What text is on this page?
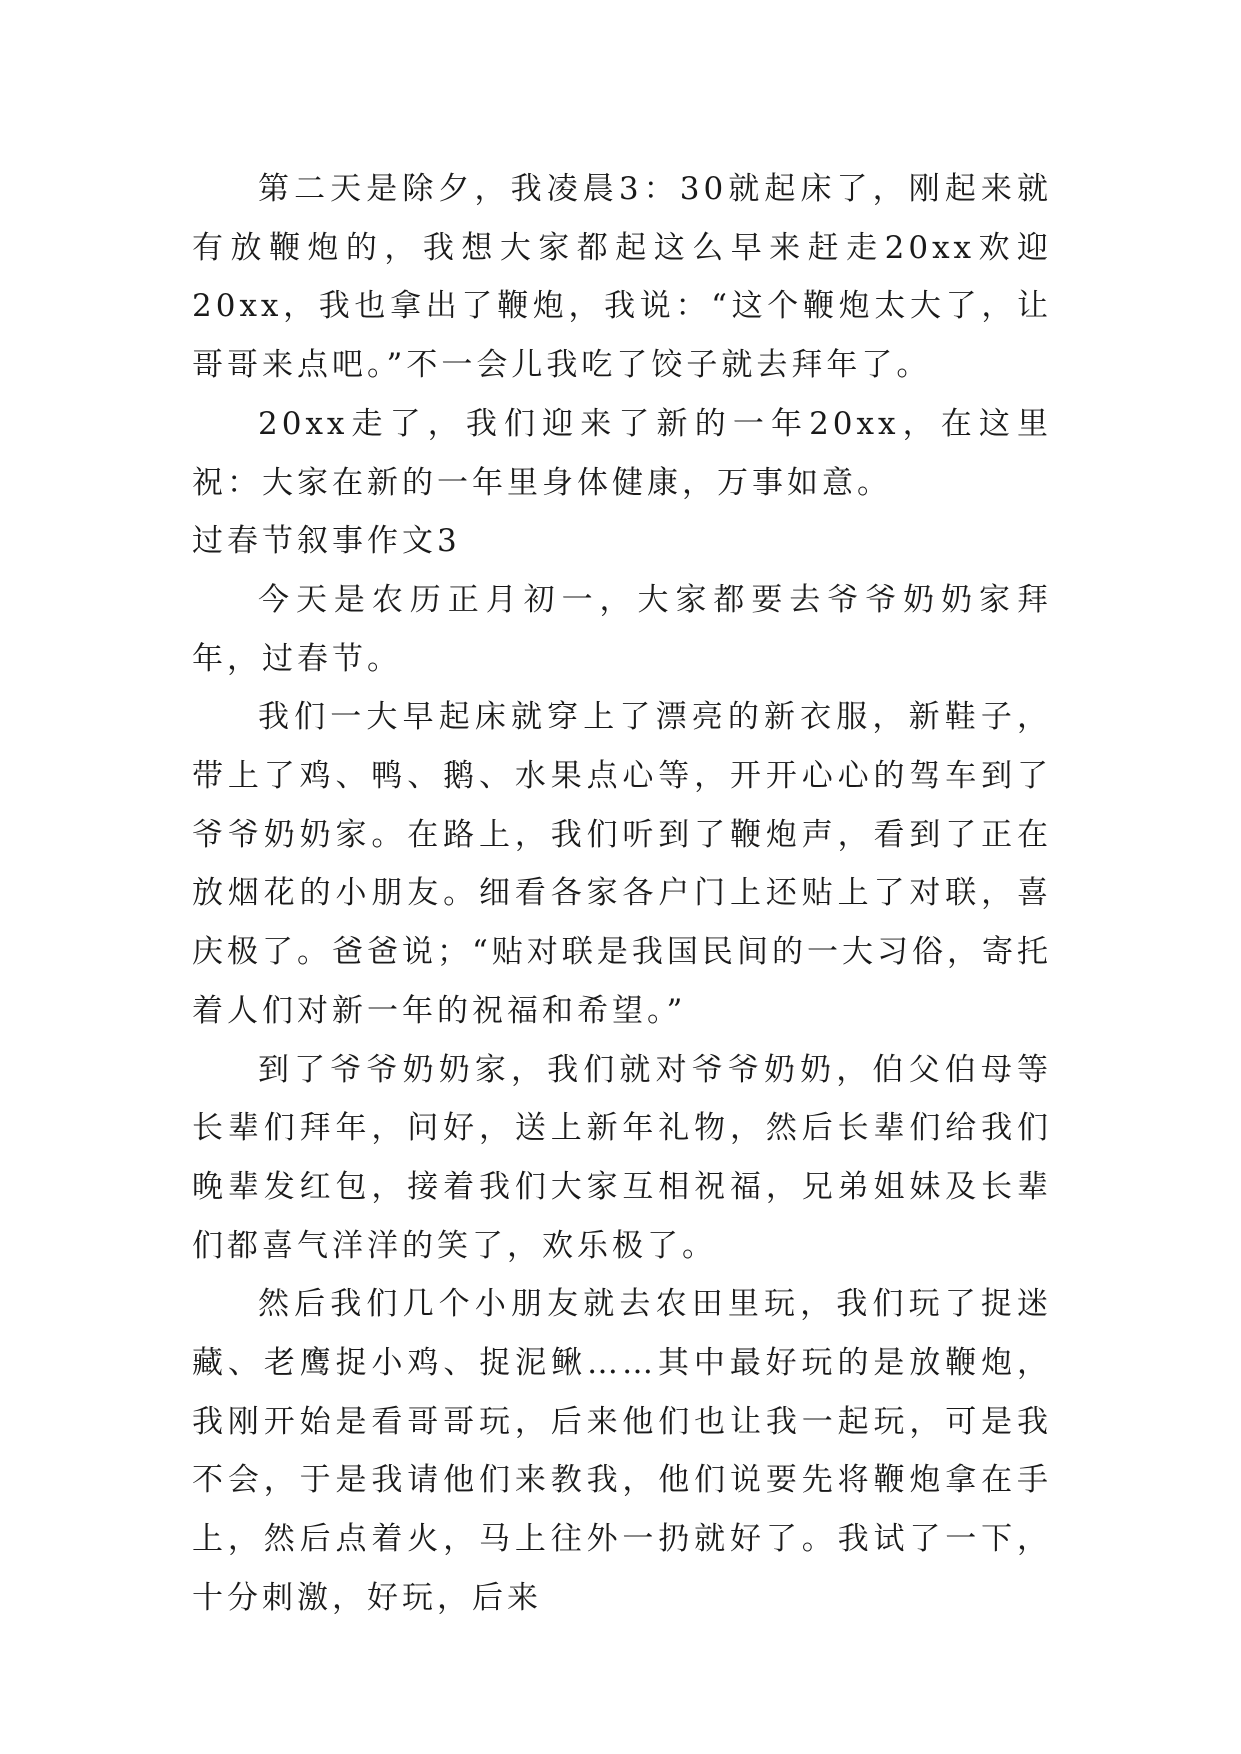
第二天是除夕，我凌晨3：30就起床了，刚起来就有放鞭炮的，我想大家都起这么早来赶走20xx欢迎20xx，我也拿出了鞭炮，我说：“这个鞭炮太大了，让哥哥来点吧。”不一会儿我吃了饺子就去拜年了。

20xx走了，我们迎来了新的一年20xx，在这里祝：大家在新的一年里身体健康，万事如意。

过春节叙事作文3

今天是农历正月初一，大家都要去爷爷奶奶家拜年，过春节。

我们一大早起床就穿上了漂亮的新衣服，新鞋子，带上了鸡、鸭、鹅、水果点心等，开开心心的驾车到了爷爷奶奶家。在路上，我们听到了鞭炮声，看到了正在放烟花的小朋友。细看各家各户门上还贴上了对联，喜庆极了。爸爸说；“贴对联是我国民间的一大习俗，寄托着人们对新一年的祝福和希望。”

到了爷爷奶奶家，我们就对爷爷奶奶，伯父伯母等长辈们拜年，问好，送上新年礼物，然后长辈们给我们晚辈发红包，接着我们大家互相祝福，兄弟姐妹及长辈们都喜气洋洋的笑了，欢乐极了。

然后我们几个小朋友就去农田里玩，我们玩了捉迷藏、老鹰捉小鸡、捉泥鳅……其中最好玩的是放鞭炮，我刚开始是看哥哥玩，后来他们也让我一起玩，可是我不会，于是我请他们来教我，他们说要先将鞭炮拿在手上，然后点着火，马上往外一扔就好了。我试了一下，十分刺激，好玩，后来
